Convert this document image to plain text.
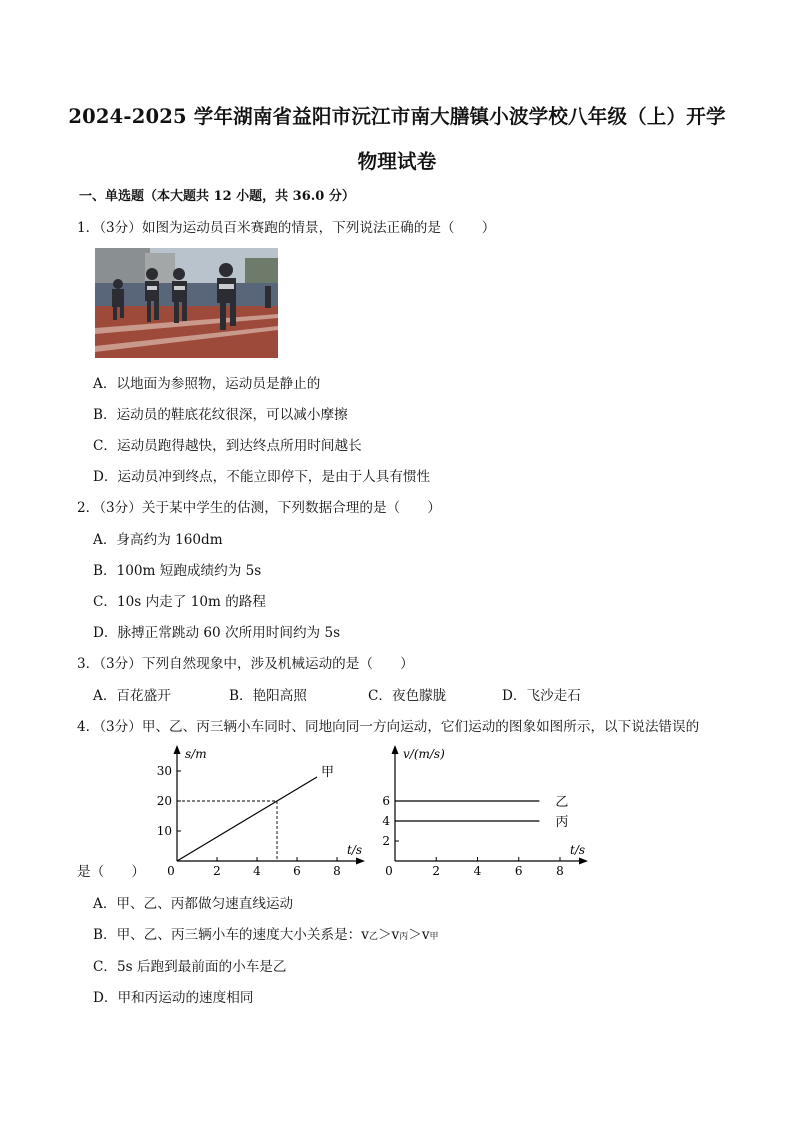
2024-2025 学年湖南省益阳市沅江市南大膳镇小波学校八年级（上）开学
物理试卷
一、单选题（本大题共 12 小题，共 36.0 分）
1．（3分）如图为运动员百米赛跑的情景，下列说法正确的是（　　）
A．以地面为参照物，运动员是静止的
B．运动员的鞋底花纹很深，可以减小摩擦
C．运动员跑得越快，到达终点所用时间越长
D．运动员冲到终点，不能立即停下，是由于人具有惯性
2．（3分）关于某中学生的估测，下列数据合理的是（　　）
A．身高约为 160dm
B．100m 短跑成绩约为 5s
C．10s 内走了 10m 的路程
D．脉搏正常跳动 60 次所用时间约为 5s
3．（3分）下列自然现象中，涉及机械运动的是（　　）
A．百花盛开	B．艳阳高照	C．夜色朦胧	D．飞沙走石
4．（3分）甲、乙、丙三辆小车同时、同地向同一方向运动，它们运动的图象如图所示，以下说法错误的
是（　　）
s/m
t/s
0	2	4	6	8
10
20
30	甲
v/(m/s)
t/s
0	2	4	6	8
2
4
6	乙
丙
A．甲、乙、丙都做匀速直线运动
B．甲、乙、丙三辆小车的速度大小关系是：v乙＞v丙＞v甲
C．5s 后跑到最前面的小车是乙
D．甲和丙运动的速度相同
